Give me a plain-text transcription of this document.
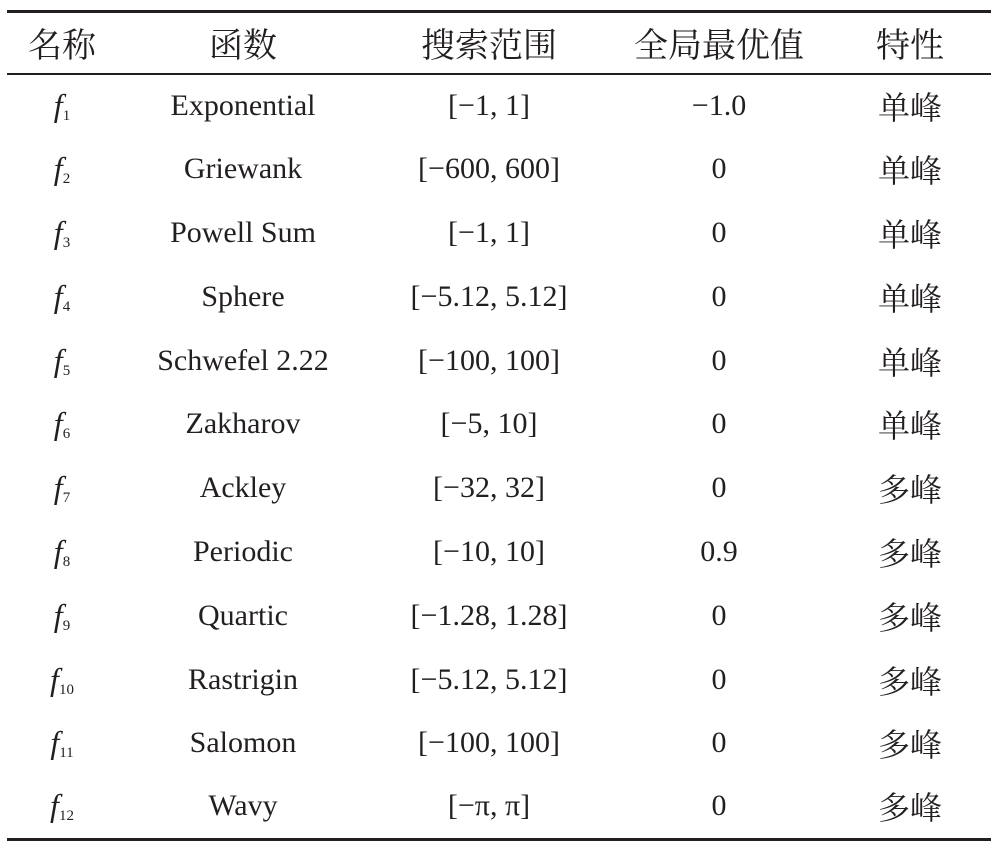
名称	函数	搜索范围	全局最优值	特性
$f_1$	Exponential	[−1, 1]	−1.0	单峰
$f_2$	Griewank	[−600, 600]	0	单峰
$f_3$	Powell Sum	[−1, 1]	0	单峰
$f_4$	Sphere	[−5.12, 5.12]	0	单峰
$f_5$	Schwefel 2.22	[−100, 100]	0	单峰
$f_6$	Zakharov	[−5, 10]	0	单峰
$f_7$	Ackley	[−32, 32]	0	多峰
$f_8$	Periodic	[−10, 10]	0.9	多峰
$f_9$	Quartic	[−1.28, 1.28]	0	多峰
$f_{10}$	Rastrigin	[−5.12, 5.12]	0	多峰
$f_{11}$	Salomon	[−100, 100]	0	多峰
$f_{12}$	Wavy	[−π, π]	0	多峰
